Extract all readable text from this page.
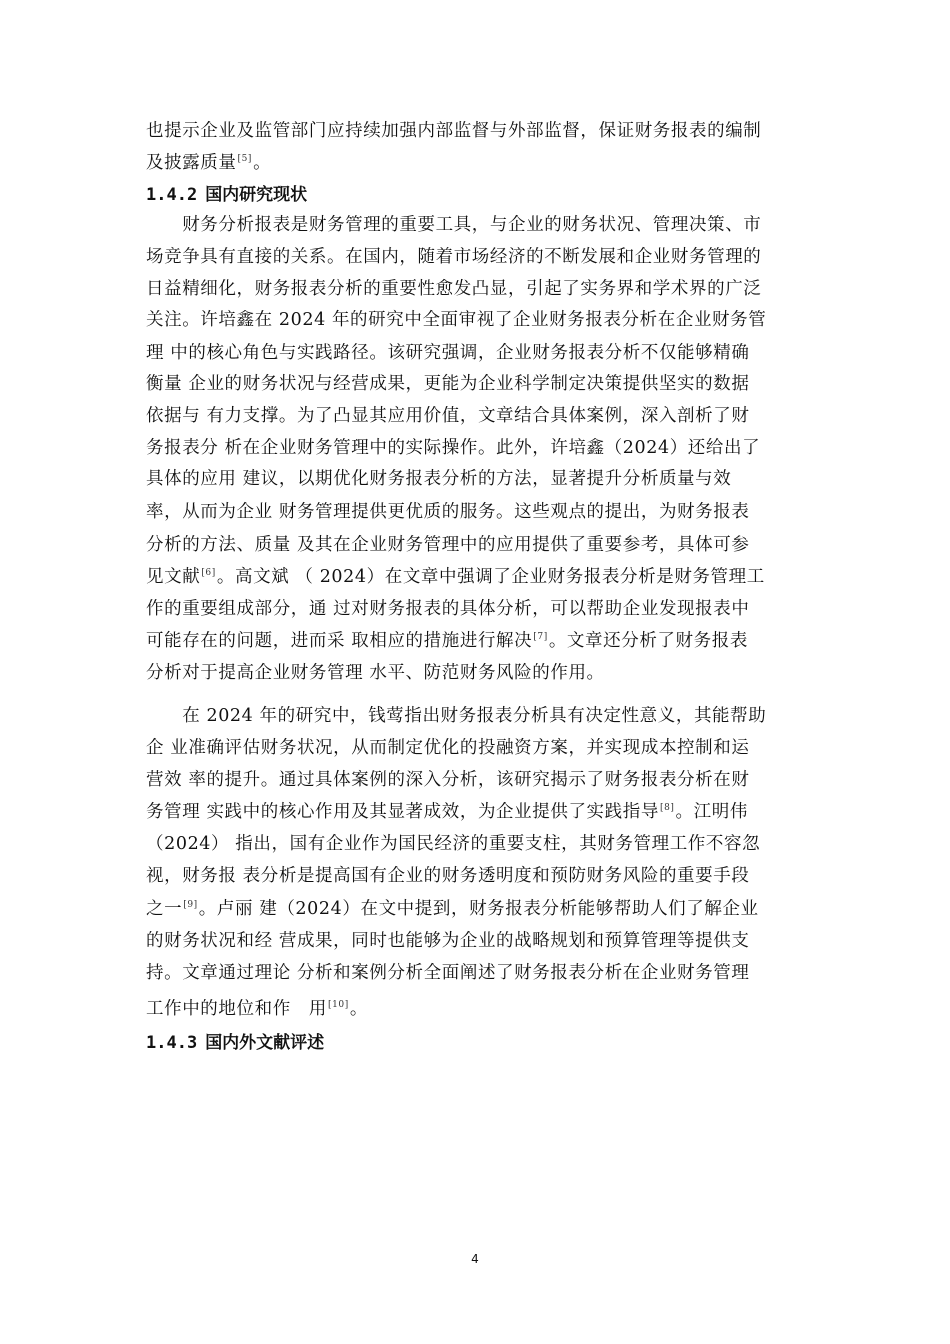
也提示企业及监管部门应持续加强内部监督与外部监督，保证财务报表的编制
及披露质量[5]。
1.4.2 国内研究现状
　　财务分析报表是财务管理的重要工具，与企业的财务状况、管理决策、市
场竞争具有直接的关系。在国内，随着市场经济的不断发展和企业财务管理的
日益精细化，财务报表分析的重要性愈发凸显，引起了实务界和学术界的广泛
关注。许培鑫在 2024 年的研究中全面审视了企业财务报表分析在企业财务管
理 中的核心角色与实践路径。该研究强调，企业财务报表分析不仅能够精确
衡量 企业的财务状况与经营成果，更能为企业科学制定决策提供坚实的数据
依据与 有力支撑。为了凸显其应用价值，文章结合具体案例，深入剖析了财
务报表分 析在企业财务管理中的实际操作。此外，许培鑫（2024）还给出了
具体的应用 建议，以期优化财务报表分析的方法，显著提升分析质量与效
率，从而为企业 财务管理提供更优质的服务。这些观点的提出，为财务报表
分析的方法、质量 及其在企业财务管理中的应用提供了重要参考，具体可参
见文献[6]。高文斌 （ 2024）在文章中强调了企业财务报表分析是财务管理工
作的重要组成部分，通 过对财务报表的具体分析，可以帮助企业发现报表中
可能存在的问题，进而采 取相应的措施进行解决[7]。文章还分析了财务报表
分析对于提高企业财务管理 水平、防范财务风险的作用。
　　在 2024 年的研究中，钱莺指出财务报表分析具有决定性意义，其能帮助
企 业准确评估财务状况，从而制定优化的投融资方案，并实现成本控制和运
营效 率的提升。通过具体案例的深入分析，该研究揭示了财务报表分析在财
务管理 实践中的核心作用及其显著成效，为企业提供了实践指导[8]。江明伟
（2024） 指出，国有企业作为国民经济的重要支柱，其财务管理工作不容忽
视，财务报 表分析是提高国有企业的财务透明度和预防财务风险的重要手段
之一[9]。卢丽 建（2024）在文中提到，财务报表分析能够帮助人们了解企业
的财务状况和经 营成果，同时也能够为企业的战略规划和预算管理等提供支
持。文章通过理论 分析和案例分析全面阐述了财务报表分析在企业财务管理
工作中的地位和作　用[10]。
1.4.3 国内外文献评述
4
